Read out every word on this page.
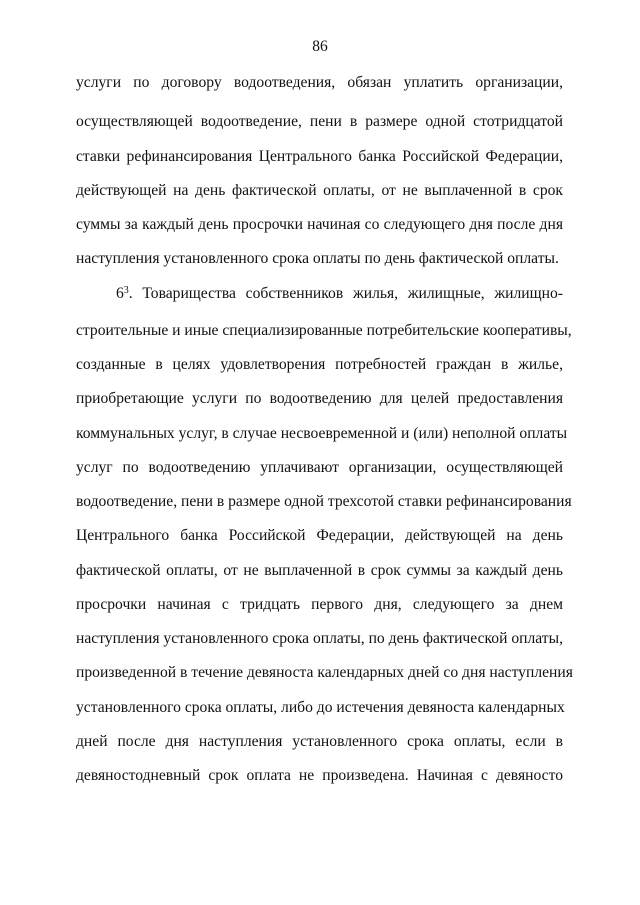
86
услуги по договору водоотведения, обязан уплатить организации,
осуществляющей водоотведение, пени в размере одной стотридцатой
ставки рефинансирования Центрального банка Российской Федерации,
действующей на день фактической оплаты, от не выплаченной в срок
суммы за каждый день просрочки начиная со следующего дня после дня
наступления установленного срока оплаты по день фактической оплаты.
$6^3$. Товарищества собственников жилья, жилищные, жилищно-
строительные и иные специализированные потребительские кооперативы,
созданные в целях удовлетворения потребностей граждан в жилье,
приобретающие услуги по водоотведению для целей предоставления
коммунальных услуг, в случае несвоевременной и (или) неполной оплаты
услуг по водоотведению уплачивают организации, осуществляющей
водоотведение, пени в размере одной трехсотой ставки рефинансирования
Центрального банка Российской Федерации, действующей на день
фактической оплаты, от не выплаченной в срок суммы за каждый день
просрочки начиная с тридцать первого дня, следующего за днем
наступления установленного срока оплаты, по день фактической оплаты,
произведенной в течение девяноста календарных дней со дня наступления
установленного срока оплаты, либо до истечения девяноста календарных
дней после дня наступления установленного срока оплаты, если в
девяностодневный срок оплата не произведена. Начиная с девяносто
